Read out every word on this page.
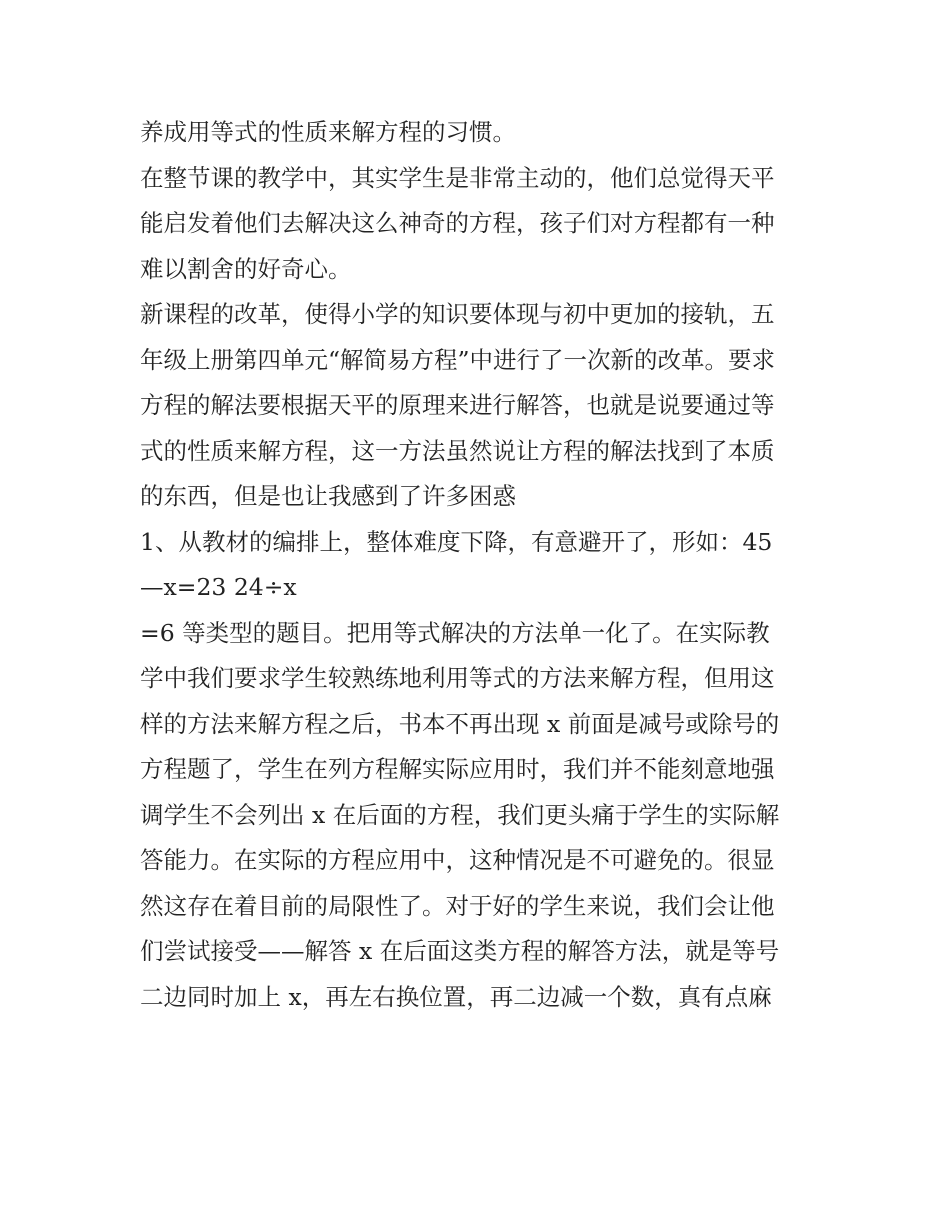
养成用等式的性质来解方程的习惯。
在整节课的教学中，其实学生是非常主动的，他们总觉得天平
能启发着他们去解决这么神奇的方程，孩子们对方程都有一种
难以割舍的好奇心。
新课程的改革，使得小学的知识要体现与初中更加的接轨，五
年级上册第四单元“解简易方程”中进行了一次新的改革。要求
方程的解法要根据天平的原理来进行解答，也就是说要通过等
式的性质来解方程，这一方法虽然说让方程的解法找到了本质
的东西，但是也让我感到了许多困惑
1、从教材的编排上，整体难度下降，有意避开了，形如：45
—x=23 24÷x
=6 等类型的题目。把用等式解决的方法单一化了。在实际教
学中我们要求学生较熟练地利用等式的方法来解方程，但用这
样的方法来解方程之后，书本不再出现 x 前面是减号或除号的
方程题了，学生在列方程解实际应用时，我们并不能刻意地强
调学生不会列出 x 在后面的方程，我们更头痛于学生的实际解
答能力。在实际的方程应用中，这种情况是不可避免的。很显
然这存在着目前的局限性了。对于好的学生来说，我们会让他
们尝试接受——解答 x 在后面这类方程的解答方法，就是等号
二边同时加上 x，再左右换位置，再二边减一个数，真有点麻
